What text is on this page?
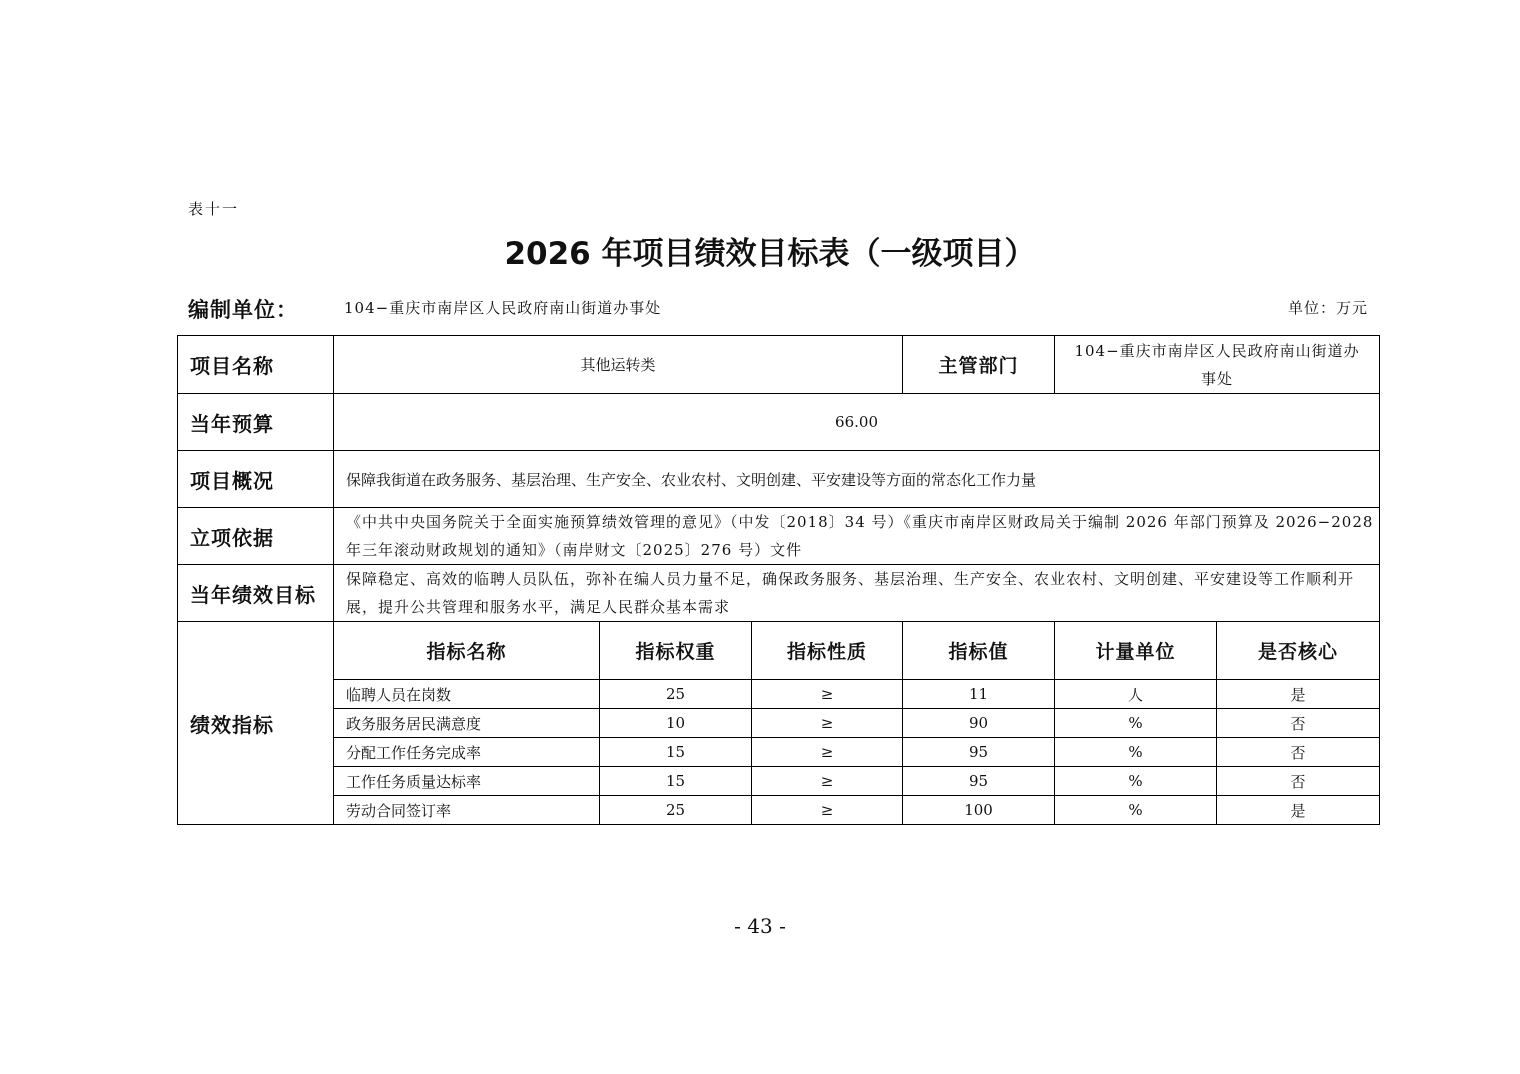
表十一
2026 年项目绩效目标表（一级项目）
编制单位：	104−重庆市南岸区人民政府南山街道办事处	单位：万元
项目名称	其他运转类			主管部门	104−重庆市南岸区人民政府南山街道办事处	
当年预算	66.00					
项目概况	保障我街道在政务服务、基层治理、生产安全、农业农村、文明创建、平安建设等方面的常态化工作力量					
立项依据	《中共中央国务院关于全面实施预算绩效管理的意见》（中发〔2018〕34 号）《重庆市南岸区财政局关于编制 2026 年部门预算及 2026−2028 年三年滚动财政规划的通知》（南岸财文〔2025〕276 号）文件					
当年绩效目标	保障稳定、高效的临聘人员队伍，弥补在编人员力量不足，确保政务服务、基层治理、生产安全、农业农村、文明创建、平安建设等工作顺利开展，提升公共管理和服务水平，满足人民群众基本需求					
绩效指标	指标名称	指标权重	指标性质	指标值	计量单位	是否核心
	临聘人员在岗数	25	≥	11	人	是
	政务服务居民满意度	10	≥	90	%	否
	分配工作任务完成率	15	≥	95	%	否
	工作任务质量达标率	15	≥	95	%	否
	劳动合同签订率	25	≥	100	%	是
- 43 -
